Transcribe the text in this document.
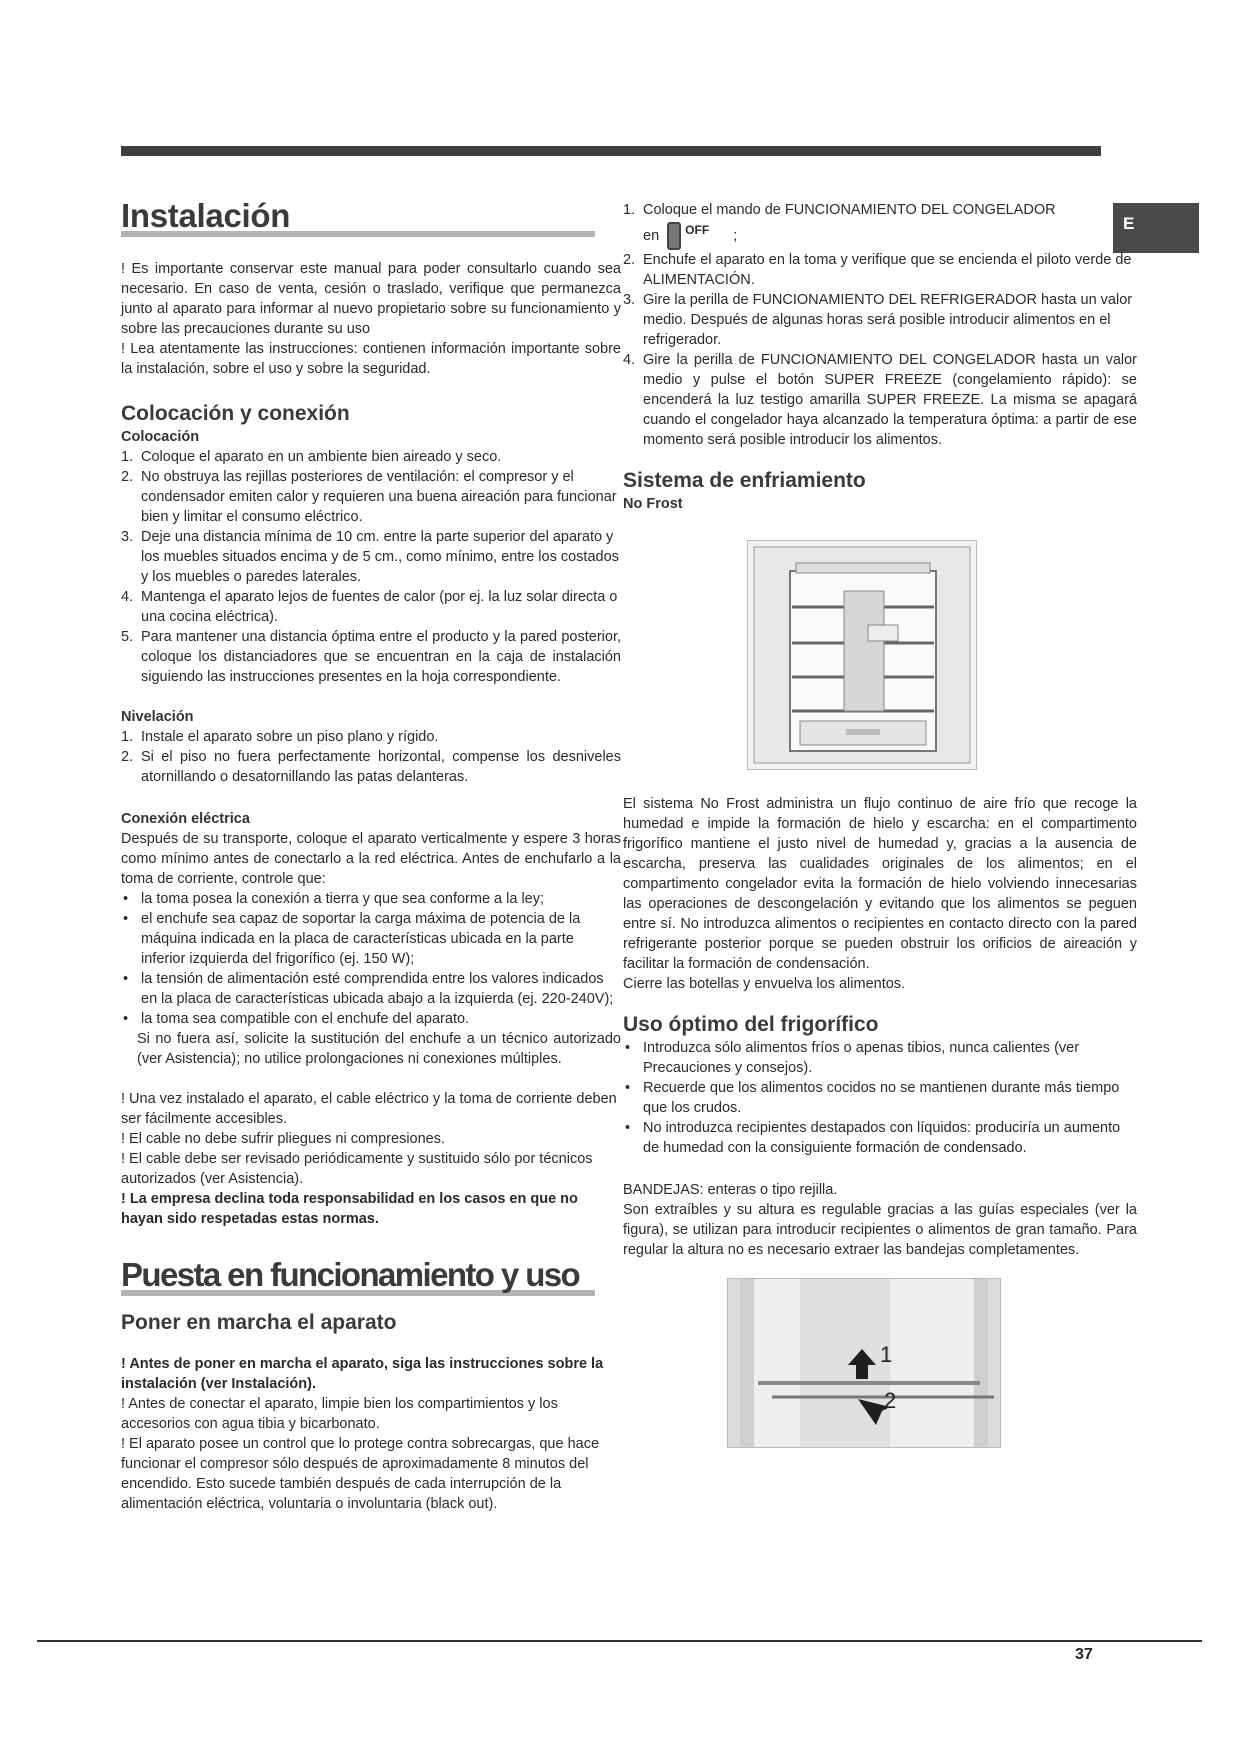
E
Instalación

! Es importante conservar este manual para poder consultarlo cuando sea necesario. En caso de venta, cesión o traslado, verifique que permanezca junto al aparato para informar al nuevo propietario sobre su funcionamiento y sobre las precauciones durante su uso

! Lea atentamente las instrucciones: contienen información importante sobre la instalación, sobre el uso y sobre la seguridad.

Colocación y conexión
Colocación
1. Coloque el aparato en un ambiente bien aireado y seco.
2. No obstruya las rejillas posteriores de ventilación: el compresor y el condensador emiten calor y requieren una buena aireación para funcionar bien y limitar el consumo eléctrico.
3. Deje una distancia mínima de 10 cm. entre la parte superior del aparato y los muebles situados encima y de 5 cm., como mínimo, entre los costados y los muebles o paredes laterales.
4. Mantenga el aparato lejos de fuentes de calor (por ej. la luz solar directa o una cocina eléctrica).
5. Para mantener una distancia óptima entre el producto y la pared posterior, coloque los distanciadores que se encuentran en la caja de instalación siguiendo las instrucciones presentes en la hoja correspondiente.
Nivelación
1. Instale el aparato sobre un piso plano y rígido.
2. Si el piso no fuera perfectamente horizontal, compense los desniveles atornillando o desatornillando las patas delanteras.
Conexión eléctrica

Después de su transporte, coloque el aparato verticalmente y espere 3 horas como mínimo antes de conectarlo a la red eléctrica. Antes de enchufarlo a la toma de corriente, controle que:

• la toma posea la conexión a tierra y que sea conforme a la ley;
• el enchufe sea capaz de soportar la carga máxima de potencia de la máquina indicada en la placa de características ubicada en la parte inferior izquierda del frigorífico (ej. 150 W);
• la tensión de alimentación esté comprendida entre los valores indicados en la placa de características ubicada abajo a la izquierda (ej. 220-240V);
• la toma sea compatible con el enchufe del aparato.

Si no fuera así, solicite la sustitución del enchufe a un técnico autorizado (ver Asistencia); no utilice prolongaciones ni conexiones múltiples.

! Una vez instalado el aparato, el cable eléctrico y la toma de corriente deben ser fácilmente accesibles.

! El cable no debe sufrir pliegues ni compresiones.

! El cable debe ser revisado periódicamente y sustituido sólo por técnicos autorizados (ver Asistencia).

! La empresa declina toda responsabilidad en los casos en que no hayan sido respetadas estas normas.

Puesta en funcionamiento y uso
Poner en marcha el aparato

! Antes de poner en marcha el aparato, siga las instrucciones sobre la instalación (ver Instalación).

! Antes de conectar el aparato, limpie bien los compartimientos y los accesorios con agua tibia y bicarbonato.

! El aparato posee un control que lo protege contra sobrecargas, que hace funcionar el compresor sólo después de aproximadamente 8 minutos del encendido. Esto sucede también después de cada interrupción de la alimentación eléctrica, voluntaria o involuntaria (black out).

1. Coloque el mando de FUNCIONAMIENTO DEL CONGELADOR
en OFF ;
2. Enchufe el aparato en la toma y verifique que se encienda el piloto verde de ALIMENTACIÓN.
3. Gire la perilla de FUNCIONAMIENTO DEL REFRIGERADOR hasta un valor medio. Después de algunas horas será posible introducir alimentos en el refrigerador.
4. Gire la perilla de FUNCIONAMIENTO DEL CONGELADOR hasta un valor medio y pulse el botón SUPER FREEZE (congelamiento rápido): se encenderá la luz testigo amarilla SUPER FREEZE. La misma se apagará cuando el congelador haya alcanzado la temperatura óptima: a partir de ese momento será posible introducir los alimentos.
Sistema de enfriamiento
No Frost

El sistema No Frost administra un flujo continuo de aire frío que recoge la humedad e impide la formación de hielo y escarcha: en el compartimento frigorífico mantiene el justo nivel de humedad y, gracias a la ausencia de escarcha, preserva las cualidades originales de los alimentos; en el compartimento congelador evita la formación de hielo volviendo innecesarias las operaciones de descongelación y evitando que los alimentos se peguen entre sí. No introduzca alimentos o recipientes en contacto directo con la pared refrigerante posterior porque se pueden obstruir los orificios de aireación y facilitar la formación de condensación.

Cierre las botellas y envuelva los alimentos.

Uso óptimo del frigorífico
• Introduzca sólo alimentos fríos o apenas tibios, nunca calientes (ver Precauciones y consejos).
• Recuerde que los alimentos cocidos no se mantienen durante más tiempo que los crudos.
• No introduzca recipientes destapados con líquidos: produciría un aumento de humedad con la consiguiente formación de condensado.

BANDEJAS: enteras o tipo rejilla.

Son extraíbles y su altura es regulable gracias a las guías especiales (ver la figura), se utilizan para introducir recipientes o alimentos de gran tamaño. Para regular la altura no es necesario extraer las bandejas completamentes.

1
2
37
